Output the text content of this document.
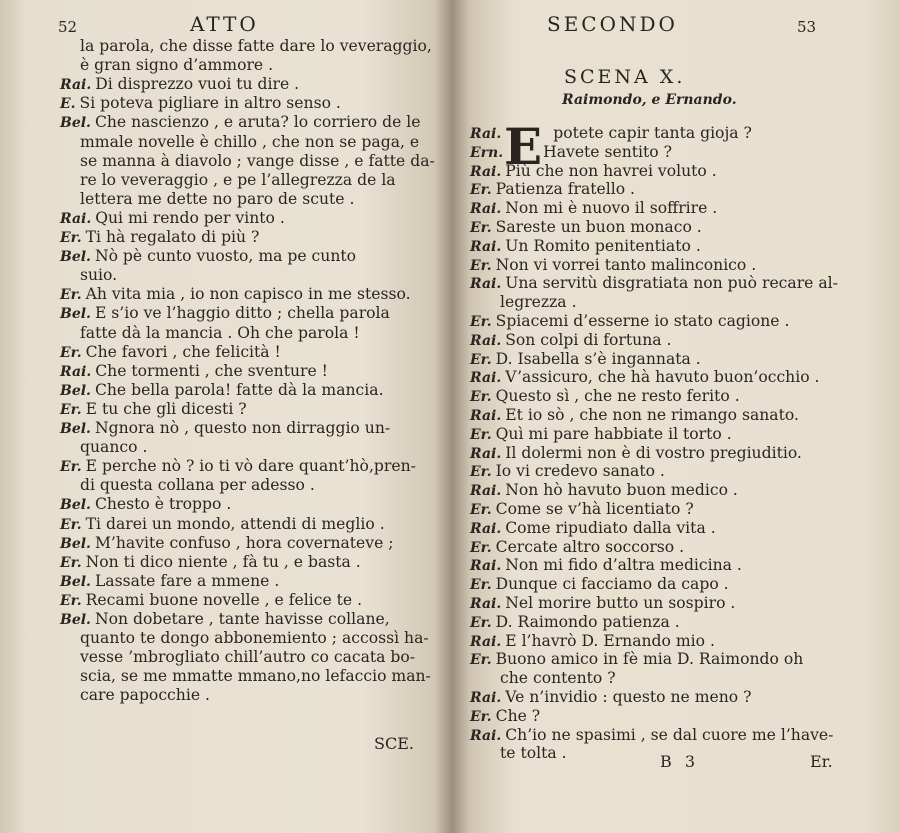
52	ATTO
la parola, che disse fatte dare lo veveraggio,
è gran signo d’ammore .
Rai. Di disprezzo vuoi tu dire .
E. Si poteva pigliare in altro senso .
Bel. Che nascienzo , e aruta? lo corriero de le
mmale novelle è chillo , che non se paga, e
se manna à diavolo ; vange disse , e fatte da-
re lo veveraggio , e pe l’allegrezza de la
lettera me dette no paro de scute .
Rai. Qui mi rendo per vinto .
Er. Ti hà regalato di più ?
Bel. Nò pè cunto vuosto, ma pe cunto
suio.
Er. Ah vita mia , io non capisco in me stesso.
Bel. E s’io ve l’haggio ditto ; chella parola
fatte dà la mancia . Oh che parola !
Er. Che favori , che felicità !
Rai. Che tormenti , che sventure !
Bel. Che bella parola! fatte dà la mancia.
Er. E tu che gli dicesti ?
Bel. Ngnora nò , questo non dirraggio un-
quanco .
Er. E perche nò ? io ti vò dare quant’hò,pren-
di questa collana per adesso .
Bel. Chesto è troppo .
Er. Ti darei un mondo, attendi di meglio .
Bel. M’havite confuso , hora covernateve ;
Er. Non ti dico niente , fà tu , e basta .
Bel. Lassate fare a mmene .
Er. Recami buone novelle , e felice te .
Bel. Non dobetare , tante havisse collane,
quanto te dongo abbonemiento ; accossì ha-
vesse ’mbrogliato chill’autro co cacata bo-
scia, se me mmatte mmano,no lefaccio man-
care papocchie .
SCE.
SECONDO	53
SCENA X.
Raimondo, e Ernando.
E
Rai.	potete capir tanta gioja ?
Ern.	Havete sentito ?
Rai. Più che non havrei voluto .
Er. Patienza fratello .
Rai. Non mi è nuovo il soffrire .
Er. Sareste un buon monaco .
Rai. Un Romito penitentiato .
Er. Non vi vorrei tanto malinconico .
Rai. Una servitù disgratiata non può recare al-
legrezza .
Er. Spiacemi d’esserne io stato cagione .
Rai. Son colpi di fortuna .
Er. D. Isabella s’è ingannata .
Rai. V’assicuro, che hà havuto buon’occhio .
Er. Questo sì , che ne resto ferito .
Rai. Et io sò , che non ne rimango sanato.
Er. Quì mi pare habbiate il torto .
Rai. Il dolermi non è di vostro pregiuditio.
Er. Io vi credevo sanato .
Rai. Non hò havuto buon medico .
Er. Come se v’hà licentiato ?
Rai. Come ripudiato dalla vita .
Er. Cercate altro soccorso .
Rai. Non mi fido d’altra medicina .
Er. Dunque ci facciamo da capo .
Rai. Nel morire butto un sospiro .
Er. D. Raimondo patienza .
Rai. E l’havrò D. Ernando mio .
Er. Buono amico in fè mia D. Raimondo oh
che contento ?
Rai. Ve n’invidio : questo ne meno ?
Er. Che ?
Rai. Ch’io ne spasimi , se dal cuore me l’have-
te tolta .	B 3	Er.
